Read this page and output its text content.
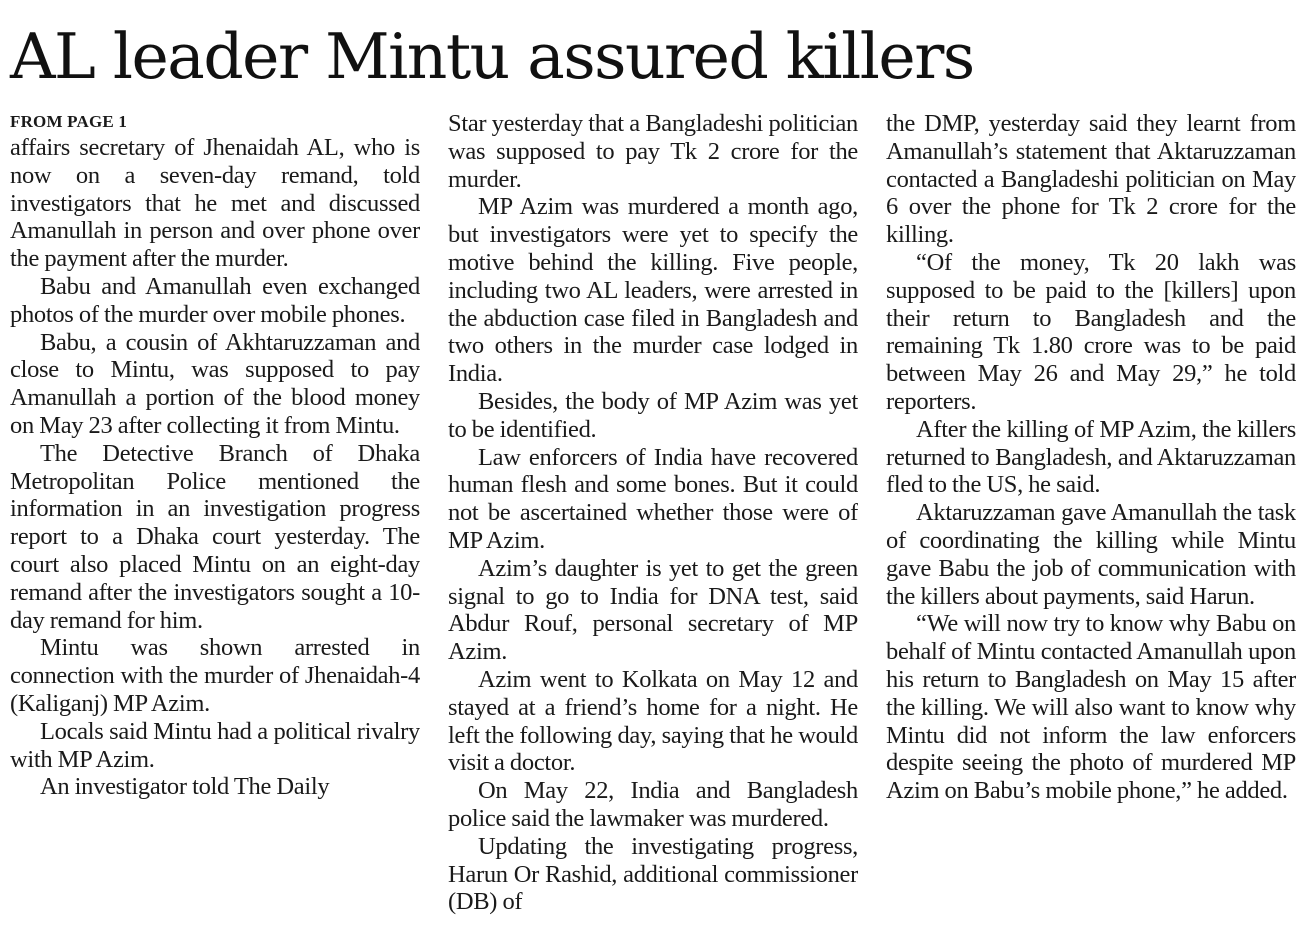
AL leader Mintu assured killers
FROM PAGE 1

affairs secretary of Jhenaidah AL, who is now on a seven-day remand, told investigators that he met and discussed Amanullah in person and over phone over the payment after the murder.

Babu and Amanullah even exchanged photos of the murder over mobile phones.

Babu, a cousin of Akhtaruzzaman and close to Mintu, was supposed to pay Amanullah a portion of the blood money on May 23 after collecting it from Mintu.

The Detective Branch of Dhaka Metropolitan Police mentioned the information in an investigation progress report to a Dhaka court yesterday. The court also placed Mintu on an eight-day remand after the investigators sought a 10-day remand for him.

Mintu was shown arrested in connection with the murder of Jhenaidah-4 (Kaliganj) MP Azim.

Locals said Mintu had a political rivalry with MP Azim.

An investigator told The Daily

Star yesterday that a Bangladeshi politician was supposed to pay Tk 2 crore for the murder.

MP Azim was murdered a month ago, but investigators were yet to specify the motive behind the killing. Five people, including two AL leaders, were arrested in the abduction case filed in Bangladesh and two others in the murder case lodged in India.

Besides, the body of MP Azim was yet to be identified.

Law enforcers of India have recovered human flesh and some bones. But it could not be ascertained whether those were of MP Azim.

Azim’s daughter is yet to get the green signal to go to India for DNA test, said Abdur Rouf, personal secretary of MP Azim.

Azim went to Kolkata on May 12 and stayed at a friend’s home for a night. He left the following day, saying that he would visit a doctor.

On May 22, India and Bangladesh police said the lawmaker was murdered.

Updating the investigating progress, Harun Or Rashid, additional commissioner (DB) of

the DMP, yesterday said they learnt from Amanullah’s statement that Aktaruzzaman contacted a Bangladeshi politician on May 6 over the phone for Tk 2 crore for the killing.

“Of the money, Tk 20 lakh was supposed to be paid to the [killers] upon their return to Bangladesh and the remaining Tk 1.80 crore was to be paid between May 26 and May 29,” he told reporters.

After the killing of MP Azim, the killers returned to Bangladesh, and Aktaruzzaman fled to the US, he said.

Aktaruzzaman gave Amanullah the task of coordinating the killing while Mintu gave Babu the job of communication with the killers about payments, said Harun.

“We will now try to know why Babu on behalf of Mintu contacted Amanullah upon his return to Bangladesh on May 15 after the killing. We will also want to know why Mintu did not inform the law enforcers despite seeing the photo of murdered MP Azim on Babu’s mobile phone,” he added.
